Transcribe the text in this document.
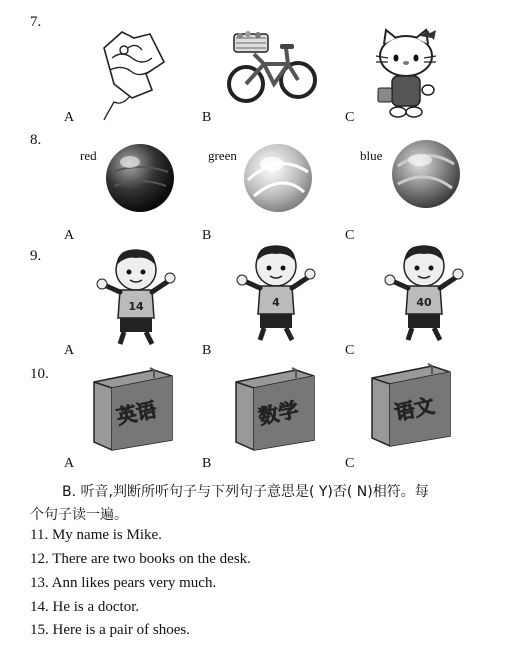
7.
A	B	C
8.
red	green	blue
A	B	C
9.
14	4	40
A	B	C
10.
英语	数学	语文
A	B	C
B. 听音,判断所听句子与下列句子意思是( Y)否( N)相符。每
个句子读一遍。
11. My name is Mike.
12. There are two books on the desk.
13. Ann likes pears very much.
14. He is a doctor.
15. Here is a pair of shoes.
